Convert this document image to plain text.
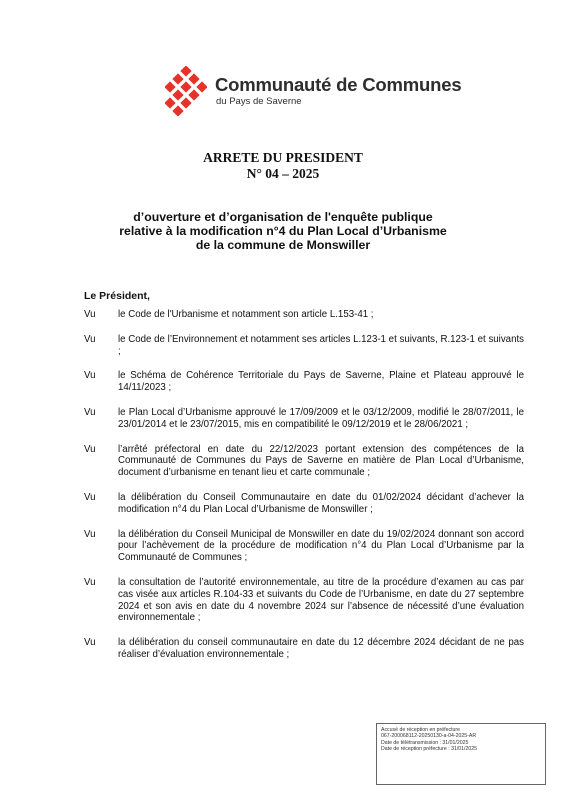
Communauté de Communes
du Pays de Saverne
ARRETE DU PRESIDENT
N° 04 – 2025
d’ouverture et d’organisation de l'enquête publique
relative à la modification n°4 du Plan Local d’Urbanisme
de la commune de Monswiller
Le Président,
Vu le Code de l'Urbanisme et notamment son article L.153-41 ;
Vu le Code de l’Environnement et notamment ses articles L.123-1 et suivants, R.123-1 et suivants ;
Vu le Schéma de Cohérence Territoriale du Pays de Saverne, Plaine et Plateau approuvé le 14/11/2023 ;
Vu le Plan Local d’Urbanisme approuvé le 17/09/2009 et le 03/12/2009, modifié le 28/07/2011, le 23/01/2014 et le 23/07/2015, mis en compatibilité le 09/12/2019 et le 28/06/2021 ;
Vu l’arrêté préfectoral en date du 22/12/2023 portant extension des compétences de la Communauté de Communes du Pays de Saverne en matière de Plan Local d’Urbanisme, document d’urbanisme en tenant lieu et carte communale ;
Vu la délibération du Conseil Communautaire en date du 01/02/2024 décidant d’achever la modification n°4 du Plan Local d’Urbanisme de Monswiller ;
Vu la délibération du Conseil Municipal de Monswiller en date du 19/02/2024 donnant son accord pour l’achèvement de la procédure de modification n°4 du Plan Local d’Urbanisme par la Communauté de Communes ;
Vu la consultation de l’autorité environnementale, au titre de la procédure d’examen au cas par cas visée aux articles R.104-33 et suivants du Code de l’Urbanisme, en date du 27 septembre 2024 et son avis en date du 4 novembre 2024 sur l’absence de nécessité d’une évaluation environnementale ;
Vu la délibération du conseil communautaire en date du 12 décembre 2024 décidant de ne pas réaliser d’évaluation environnementale ;
Accusé de réception en préfecture
067-200068112-20250130-a-04-2025-AR
Date de télétransmission : 31/01/2025
Date de réception préfecture : 31/01/2025
